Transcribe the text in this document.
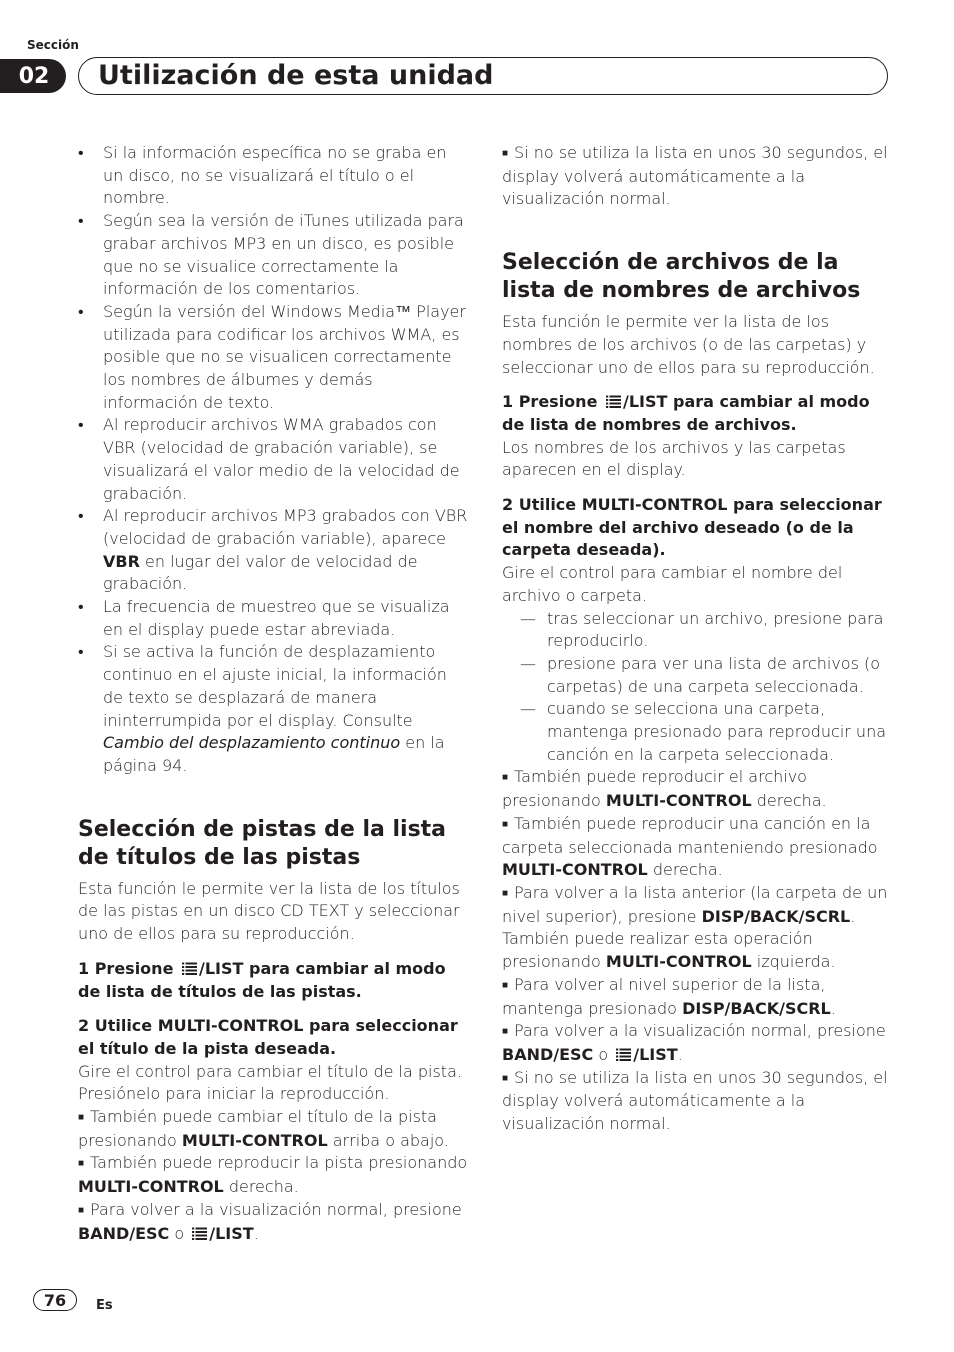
Sección
02	Utilización de esta unidad

• Si la información específica no se graba en un disco, no se visualizará el título o el nombre.

• Según sea la versión de iTunes utilizada para grabar archivos MP3 en un disco, es posible que no se visualice correctamente la información de los comentarios.

• Según la versión del Windows Media™ Player utilizada para codificar los archivos WMA, es posible que no se visualicen correctamente los nombres de álbumes y demás información de texto.

• Al reproducir archivos WMA grabados con VBR (velocidad de grabación variable), se visualizará el valor medio de la velocidad de grabación.

• Al reproducir archivos MP3 grabados con VBR (velocidad de grabación variable), aparece VBR en lugar del valor de velocidad de grabación.

• La frecuencia de muestreo que se visualiza en el display puede estar abreviada.

• Si se activa la función de desplazamiento continuo en el ajuste inicial, la información de texto se desplazará de manera ininterrumpida por el display. Consulte Cambio del desplazamiento continuo en la página 94.

Selección de pistas de la lista de títulos de las pistas

Esta función le permite ver la lista de los títulos de las pistas en un disco CD TEXT y seleccionar uno de ellos para su reproducción.

1 Presione /LIST para cambiar al modo de lista de títulos de las pistas.

2 Utilice MULTI-CONTROL para seleccionar el título de la pista deseada.

Gire el control para cambiar el título de la pista. Presiónelo para iniciar la reproducción.

■ También puede cambiar el título de la pista presionando MULTI-CONTROL arriba o abajo.

■ También puede reproducir la pista presionando MULTI-CONTROL derecha.

■ Para volver a la visualización normal, presione BAND/ESC o /LIST.

■ Si no se utiliza la lista en unos 30 segundos, el display volverá automáticamente a la visualización normal.

Selección de archivos de la lista de nombres de archivos

Esta función le permite ver la lista de los nombres de los archivos (o de las carpetas) y seleccionar uno de ellos para su reproducción.

1 Presione /LIST para cambiar al modo de lista de nombres de archivos.

Los nombres de los archivos y las carpetas aparecen en el display.

2 Utilice MULTI-CONTROL para seleccionar el nombre del archivo deseado (o de la carpeta deseada).

Gire el control para cambiar el nombre del archivo o carpeta.

— tras seleccionar un archivo, presione para reproducirlo.

— presione para ver una lista de archivos (o carpetas) de una carpeta seleccionada.

— cuando se selecciona una carpeta, mantenga presionado para reproducir una canción en la carpeta seleccionada.

■ También puede reproducir el archivo presionando MULTI-CONTROL derecha.

■ También puede reproducir una canción en la carpeta seleccionada manteniendo presionado MULTI-CONTROL derecha.

■ Para volver a la lista anterior (la carpeta de un nivel superior), presione DISP/BACK/SCRL. También puede realizar esta operación presionando MULTI-CONTROL izquierda.

■ Para volver al nivel superior de la lista, mantenga presionado DISP/BACK/SCRL.

■ Para volver a la visualización normal, presione BAND/ESC o /LIST.

■ Si no se utiliza la lista en unos 30 segundos, el display volverá automáticamente a la visualización normal.

76	Es
